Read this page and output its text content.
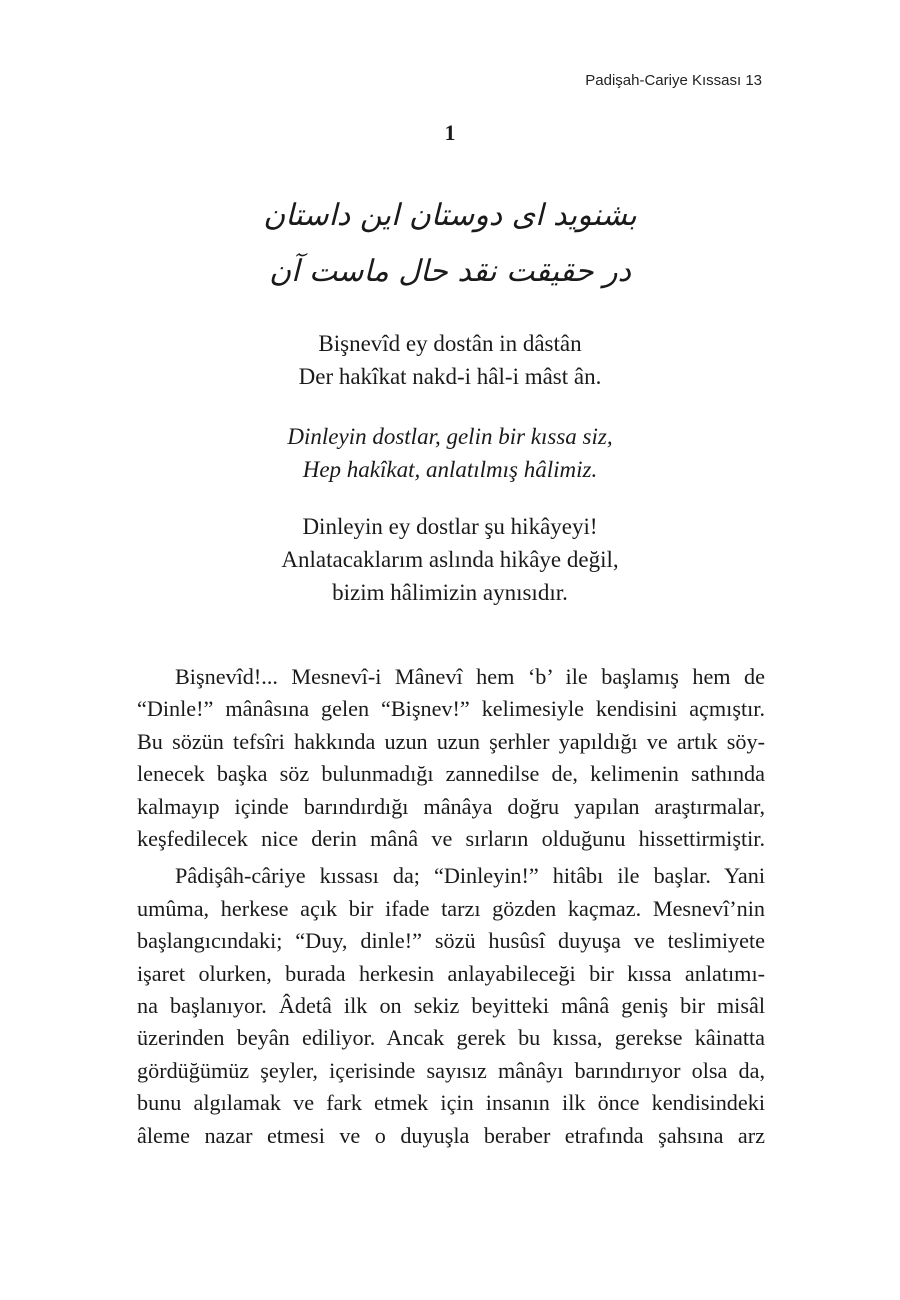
Padişah-Cariye Kıssası 13
1
بشنوید ای دوستان این داستان
در حقیقت نقد حال ماست آن
Bişnevîd ey dostân in dâstân
Der hakîkat nakd-i hâl-i mâst ân.
Dinleyin dostlar, gelin bir kıssa siz,
Hep hakîkat, anlatılmış hâlimiz.
Dinleyin ey dostlar şu hikâyeyi!
Anlatacaklarım aslında hikâye değil,
bizim hâlimizin aynısıdır.
Bişnevîd!... Mesnevî-i Mânevî hem ‘b’ ile başlamış hem de
“Dinle!” mânâsına gelen “Bişnev!” kelimesiyle kendisini açmıştır.
Bu sözün tefsîri hakkında uzun uzun şerhler yapıldığı ve artık söy-
lenecek başka söz bulunmadığı zannedilse de, kelimenin sathında
kalmayıp içinde barındırdığı mânâya doğru yapılan araştırmalar,
keşfedilecek nice derin mânâ ve sırların olduğunu hissettirmiştir.
Pâdişâh-câriye kıssası da; “Dinleyin!” hitâbı ile başlar. Yani
umûma, herkese açık bir ifade tarzı gözden kaçmaz. Mesnevî’nin
başlangıcındaki; “Duy, dinle!” sözü husûsî duyuşa ve teslimiyete
işaret olurken, burada herkesin anlayabileceği bir kıssa anlatımı-
na başlanıyor. Âdetâ ilk on sekiz beyitteki mânâ geniş bir misâl
üzerinden beyân ediliyor. Ancak gerek bu kıssa, gerekse kâinatta
gördüğümüz şeyler, içerisinde sayısız mânâyı barındırıyor olsa da,
bunu algılamak ve fark etmek için insanın ilk önce kendisindeki
âleme nazar etmesi ve o duyuşla beraber etrafında şahsına arz
